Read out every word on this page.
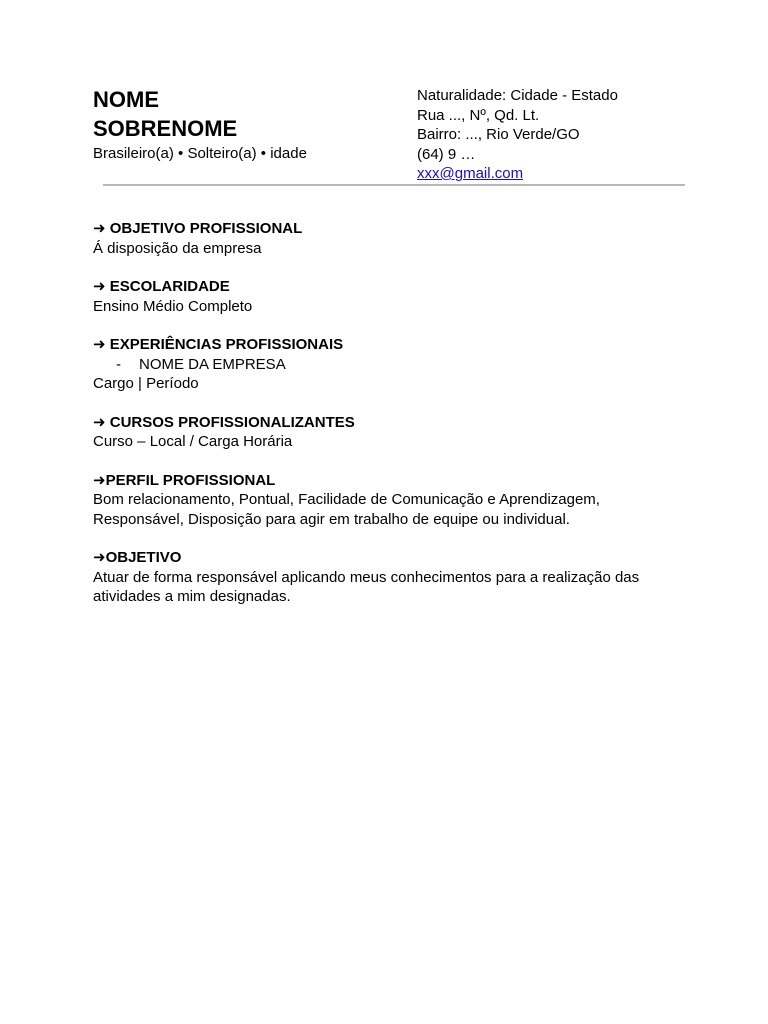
NOME
SOBRENOME
Brasileiro(a) • Solteiro(a) • idade
Naturalidade: Cidade - Estado
Rua ..., Nº, Qd. Lt.
Bairro: ..., Rio Verde/GO
(64) 9 …
xxx@gmail.com
➜ OBJETIVO PROFISSIONAL
Á disposição da empresa
➜ ESCOLARIDADE
Ensino Médio Completo
➜ EXPERIÊNCIAS PROFISSIONAIS
- NOME DA EMPRESA
Cargo | Período
➜ CURSOS PROFISSIONALIZANTES
Curso – Local / Carga Horária
➜PERFIL PROFISSIONAL
Bom relacionamento, Pontual, Facilidade de Comunicação e Aprendizagem,
Responsável, Disposição para agir em trabalho de equipe ou individual.
➜OBJETIVO
Atuar de forma responsável aplicando meus conhecimentos para a realização das
atividades a mim designadas.
